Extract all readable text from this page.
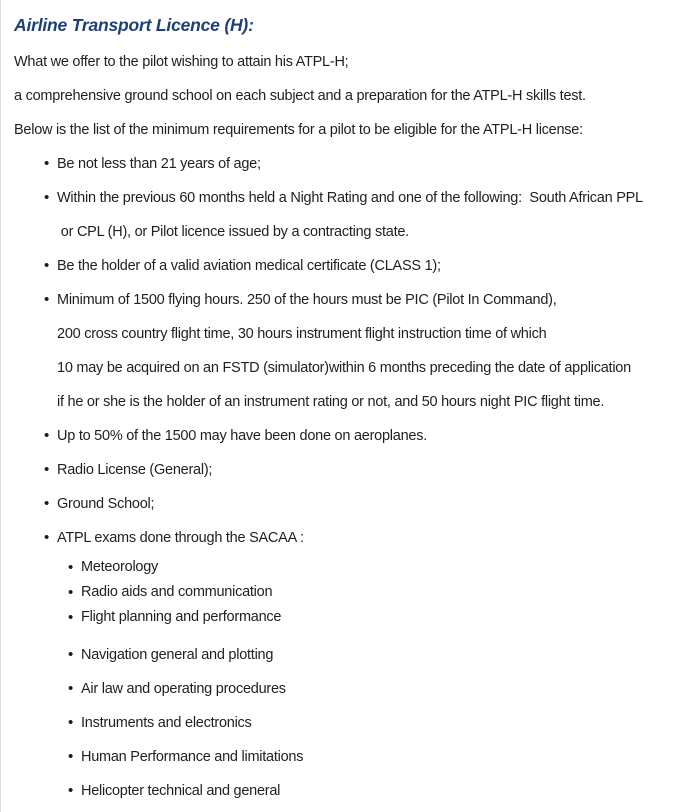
Airline Transport Licence (H):

What we offer to the pilot wishing to attain his ATPL-H;

a comprehensive ground school on each subject and a preparation for the ATPL-H skills test.

Below is the list of the minimum requirements for a pilot to be eligible for the ATPL-H license:

• Be not less than 21 years of age;
• Within the previous 60 months held a Night Rating and one of the following:  South African PPL
or CPL (H), or Pilot licence issued by a contracting state.
• Be the holder of a valid aviation medical certificate (CLASS 1);
• Minimum of 1500 flying hours. 250 of the hours must be PIC (Pilot In Command),
200 cross country flight time, 30 hours instrument flight instruction time of which
10 may be acquired on an FSTD (simulator)within 6 months preceding the date of application
if he or she is the holder of an instrument rating or not, and 50 hours night PIC flight time.
• Up to 50% of the 1500 may have been done on aeroplanes.
• Radio License (General);
• Ground School;
• ATPL exams done through the SACAA :
• Meteorology
• Radio aids and communication
• Flight planning and performance
• Navigation general and plotting
• Air law and operating procedures
• Instruments and electronics
• Human Performance and limitations
• Helicopter technical and general
